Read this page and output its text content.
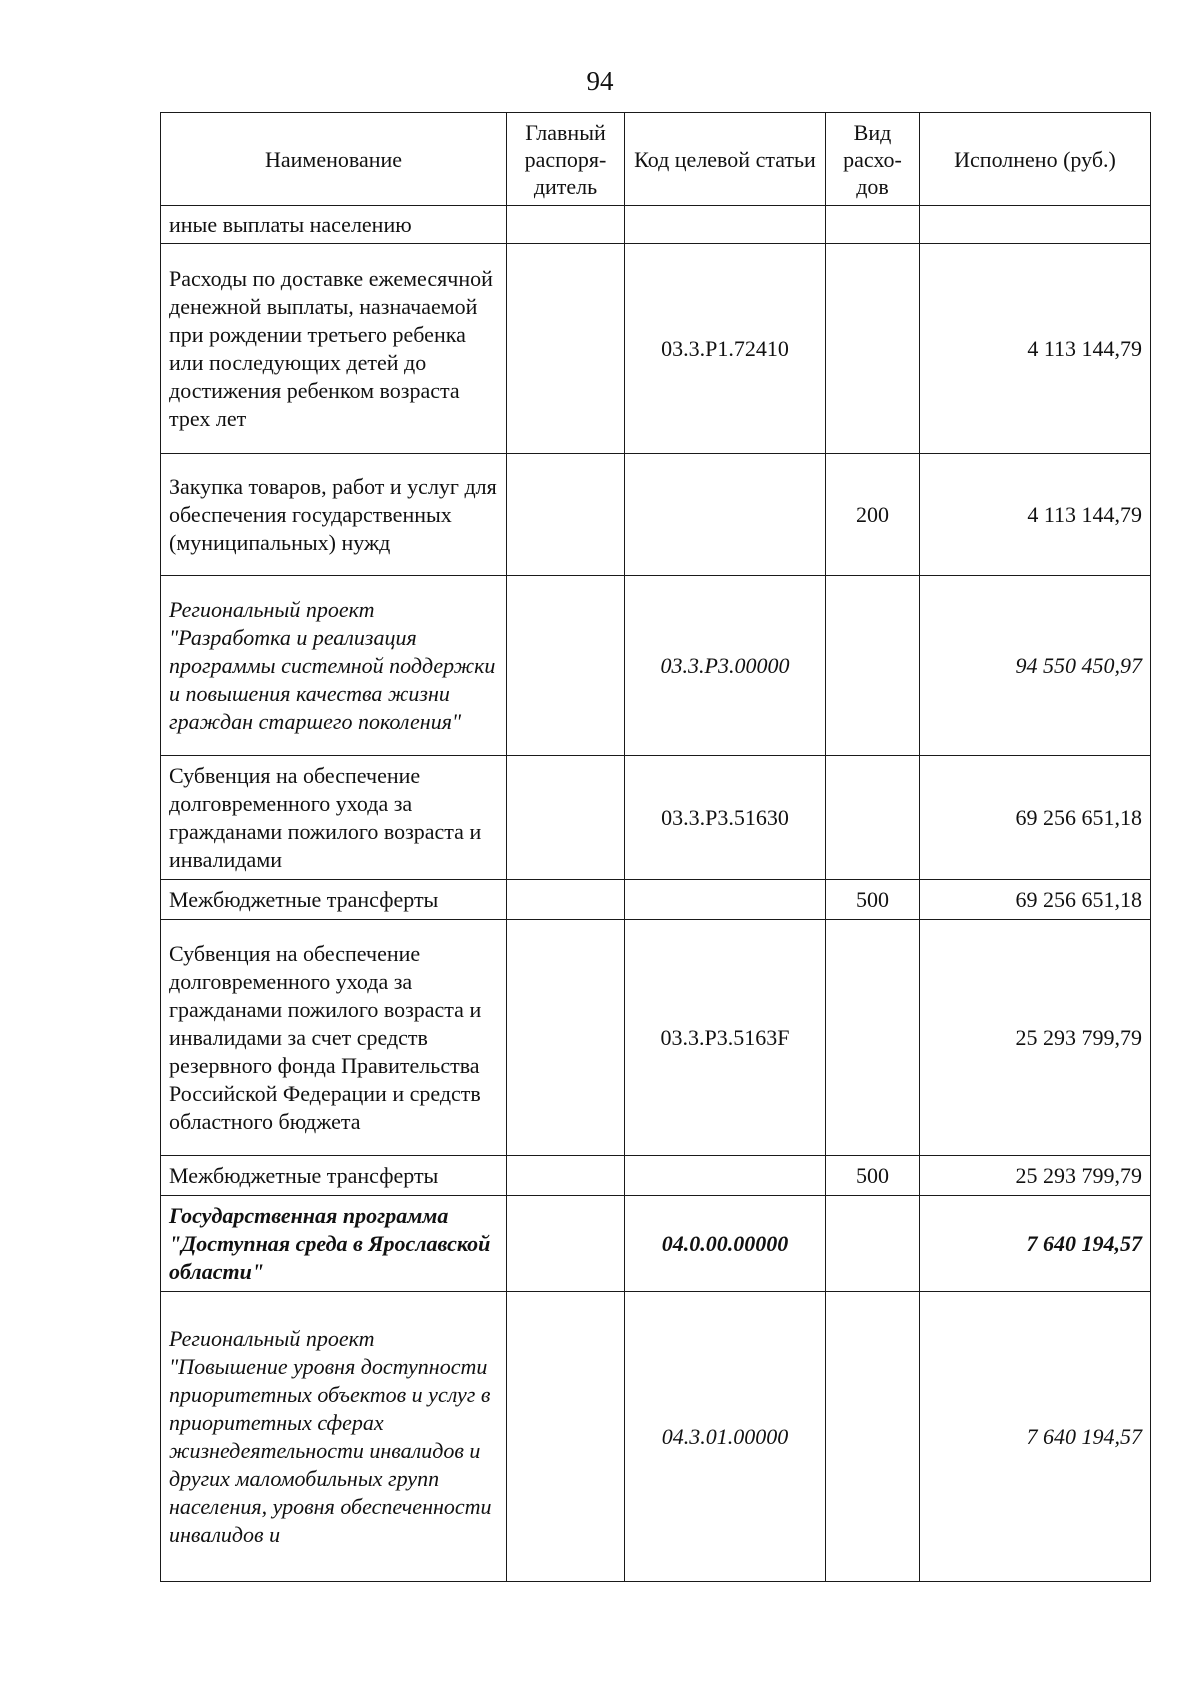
94
Наименование	Главный распоря-дитель	Код целевой статьи	Вид расхо-дов	Исполнено (руб.)
иные выплаты населению				
Расходы по доставке ежемесячной денежной выплаты, назначаемой при рождении третьего ребенка или последующих детей до достижения ребенком возраста трех лет		03.3.P1.72410		4 113 144,79
Закупка товаров, работ и услуг для обеспечения государственных (муниципальных) нужд			200	4 113 144,79
Региональный проект "Разработка и реализация программы системной поддержки и повышения качества жизни граждан старшего поколения"		03.3.P3.00000		94 550 450,97
Субвенция на обеспечение долговременного ухода за гражданами пожилого возраста и инвалидами		03.3.P3.51630		69 256 651,18
Межбюджетные трансферты			500	69 256 651,18
Субвенция на обеспечение долговременного ухода за гражданами пожилого возраста и инвалидами за счет средств резервного фонда Правительства Российской Федерации и средств областного бюджета		03.3.P3.5163F		25 293 799,79
Межбюджетные трансферты			500	25 293 799,79
Государственная программа "Доступная среда в Ярославской области"		04.0.00.00000		7 640 194,57
Региональный проект "Повышение уровня доступности приоритетных объектов и услуг в приоритетных сферах жизнедеятельности инвалидов и других маломобильных групп населения, уровня обеспеченности инвалидов и		04.3.01.00000		7 640 194,57
